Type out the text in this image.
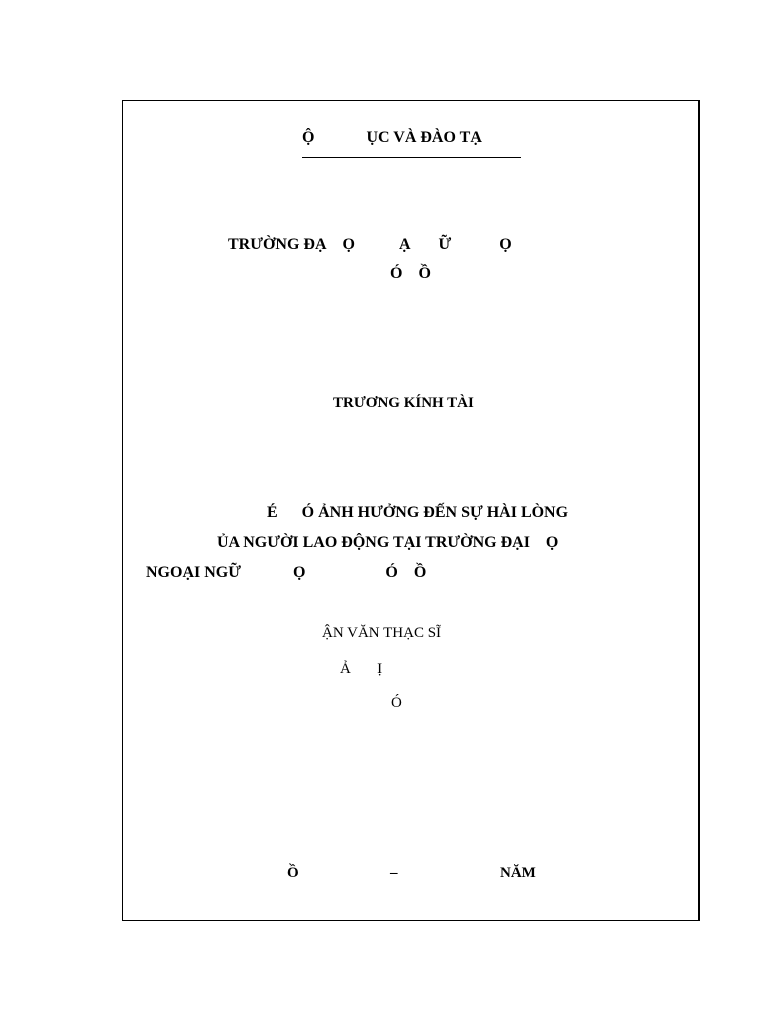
Ộ             ỤC VÀ ĐÀO TẠ
TRƯỜNG ĐẠ    Ọ           Ạ       Ữ            Ọ
Ó    Ồ
TRƯƠNG KÍNH TÀI
É      Ó ẢNH HƯỞNG ĐẾN SỰ HÀI LÒNG
ỦA NGƯỜI LAO ĐỘNG TẠI TRƯỜNG ĐẠI    Ọ
NGOẠI NGỮ             Ọ                    Ó    Ồ
ẬN VĂN THẠC SĨ
Ả       Ị
Ó
Ồ	–	NĂM
